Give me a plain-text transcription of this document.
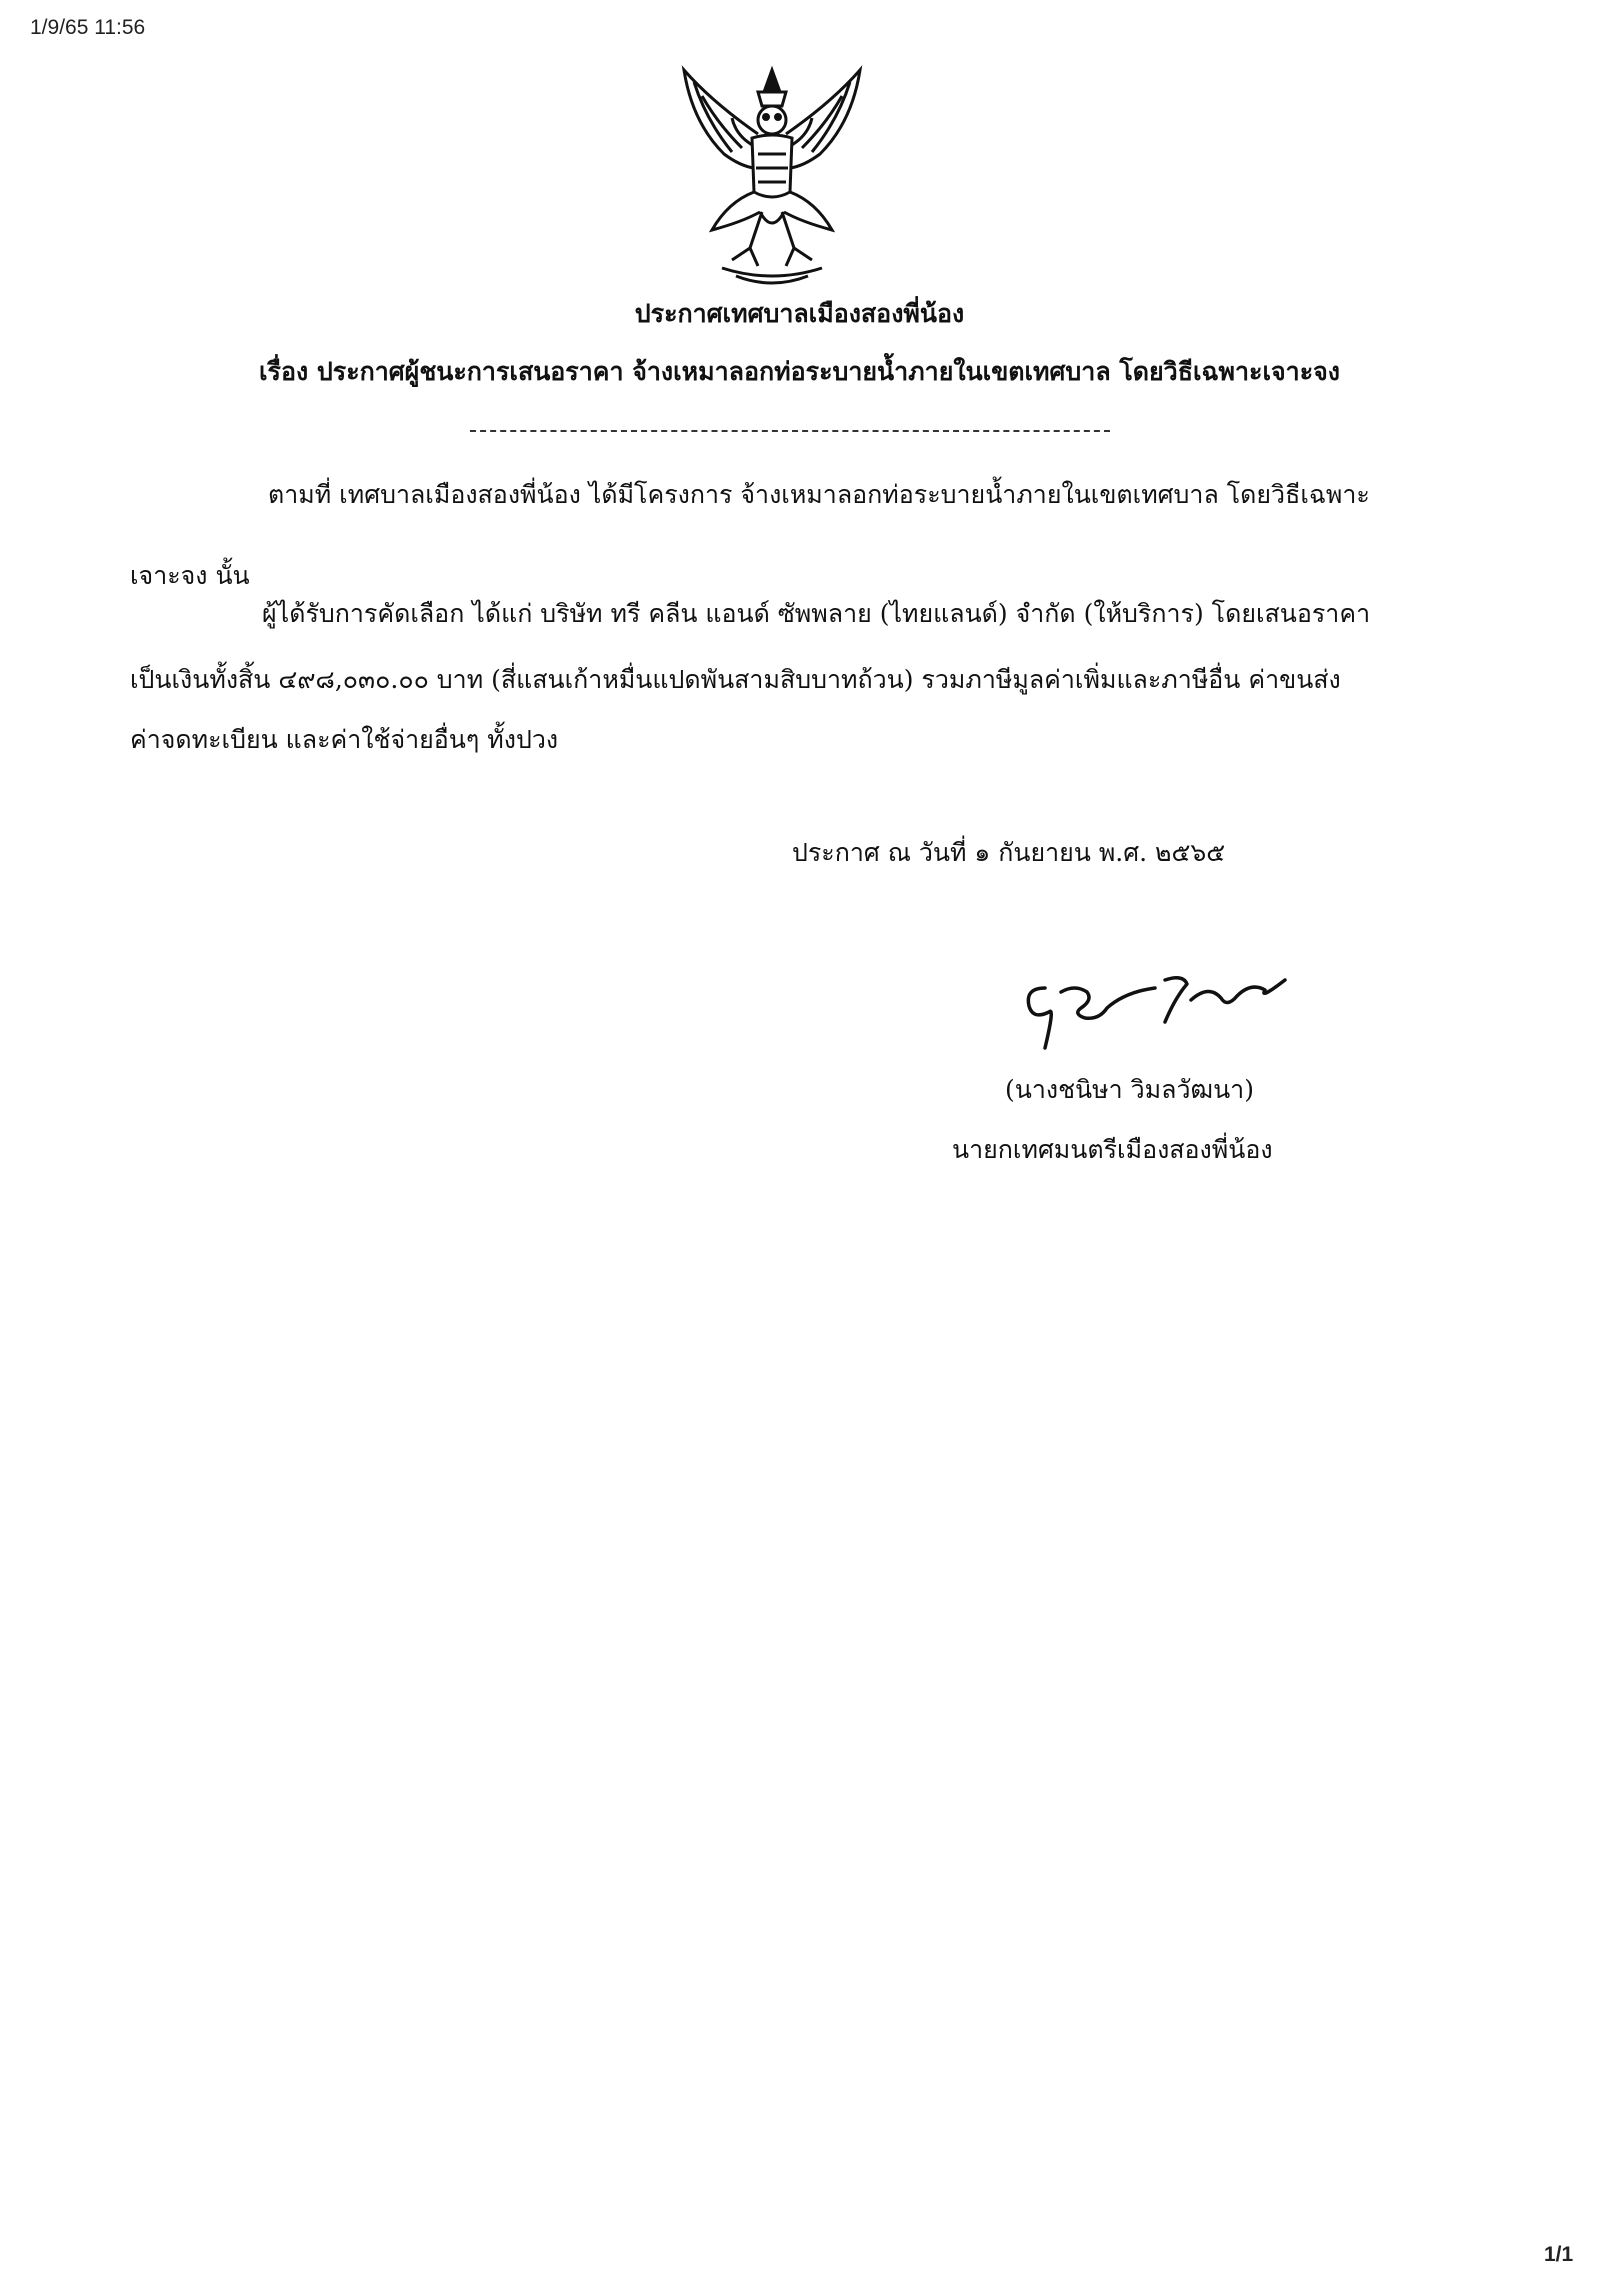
1/9/65 11:56
ประกาศเทศบาลเมืองสองพี่น้อง
เรื่อง ประกาศผู้ชนะการเสนอราคา จ้างเหมาลอกท่อระบายน้ำภายในเขตเทศบาล โดยวิธีเฉพาะเจาะจง
ตามที่ เทศบาลเมืองสองพี่น้อง ได้มีโครงการ จ้างเหมาลอกท่อระบายน้ำภายในเขตเทศบาล โดยวิธีเฉพาะ
เจาะจง นั้น
ผู้ได้รับการคัดเลือก ได้แก่ บริษัท ทรี คลีน แอนด์ ซัพพลาย (ไทยแลนด์) จำกัด (ให้บริการ) โดยเสนอราคา
เป็นเงินทั้งสิ้น ๔๙๘,๐๓๐.๐๐ บาท (สี่แสนเก้าหมื่นแปดพันสามสิบบาทถ้วน) รวมภาษีมูลค่าเพิ่มและภาษีอื่น ค่าขนส่ง
ค่าจดทะเบียน และค่าใช้จ่ายอื่นๆ ทั้งปวง
ประกาศ ณ วันที่ ๑ กันยายน พ.ศ. ๒๕๖๕
(นางชนิษา วิมลวัฒนา)
นายกเทศมนตรีเมืองสองพี่น้อง
1/1
